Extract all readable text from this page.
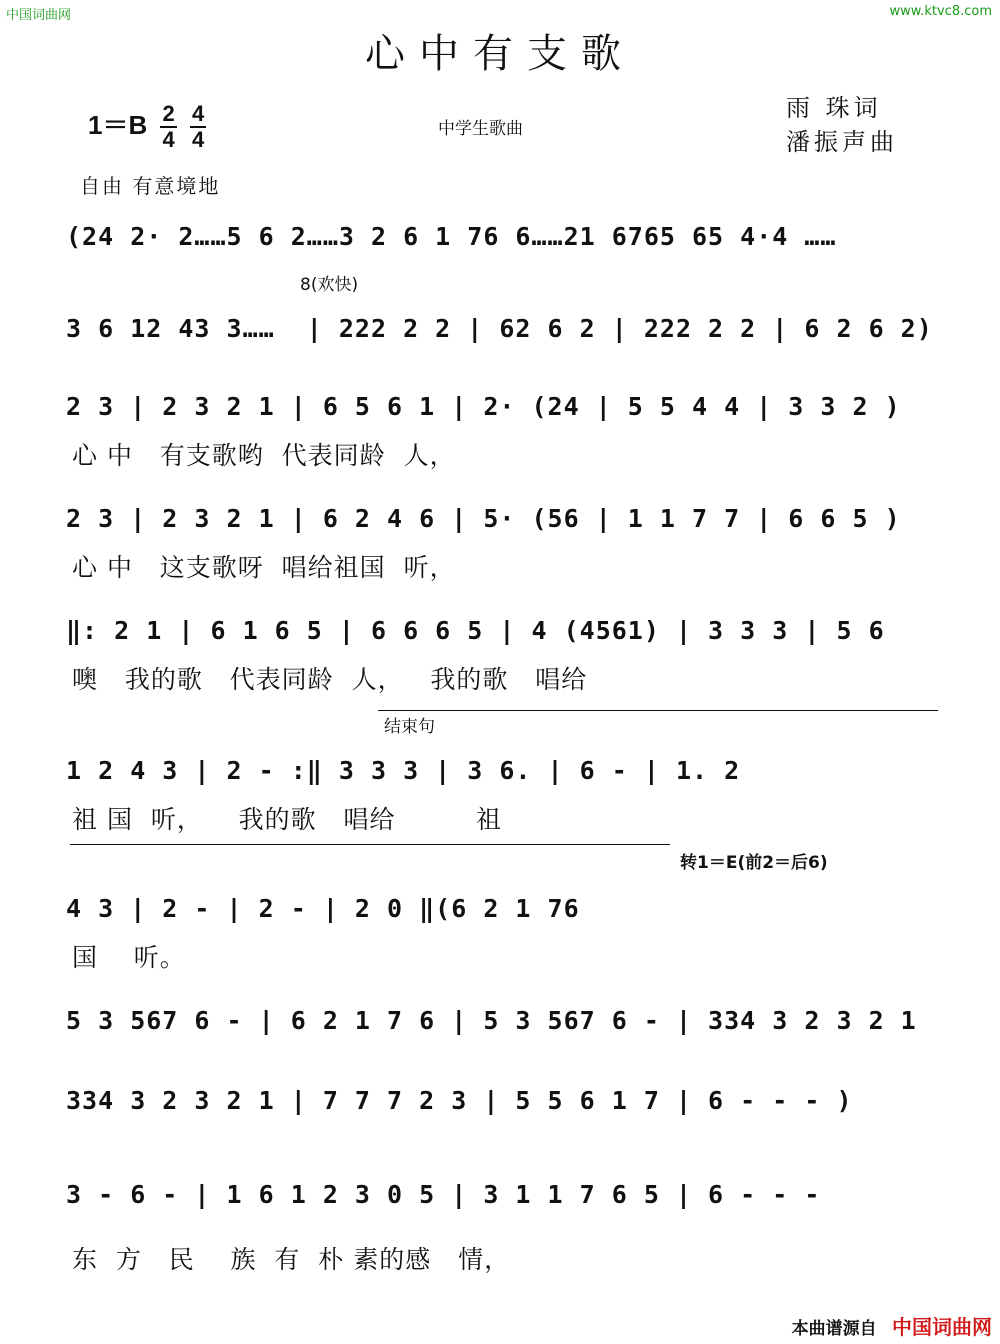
中国词曲网	www.ktvc8.com
心中有支歌
$1=B \frac{2}{4}$
$\frac{4}{4}$	中学生歌曲
雨 珠词
潘振声曲
自由 有意境地
(24 2· 2……5 6 2……3 2 6 1 76 6……21 6765 65 4·4 ……
8(欢快)
3 6 12 43 3……  | 222 2 2 | 62 6 2 | 222 2 2 | 6 2 6 2)
2 3 | 2 3 2 1 | 6 5 6 1 | 2· (24 | 5 5 4 4 | 3 3 2 )
心 中   有支歌哟  代表同龄  人，
2 3 | 2 3 2 1 | 6 2 4 6 | 5· (56 | 1 1 7 7 | 6 6 5 )
心 中   这支歌呀  唱给祖国  听，
‖: 2 1 | 6 1 6 5 | 6 6 6 5 | 4 (4561) | 3 3 3 | 5 6
噢   我的歌   代表同龄  人，   我的歌   唱给
结束句
1 2 4 3 | 2 - :‖ 3 3 3 | 3 6. | 6 - | 1. 2
祖 国  听，    我的歌   唱给         祖
转1＝E(前2＝后6)
4 3 | 2 - | 2 - | 2 0 ‖(6 2 1 76
国    听。
5 3 567 6 - | 6 2 1 7 6 | 5 3 567 6 - | 334 3 2 3 2 1
334 3 2 3 2 1 | 7 7 7 2 3 | 5 5 6 1 7 | 6 - - - )
3 - 6 - | 1 6 1 2 3 0 5 | 3 1 1 7 6 5 | 6 - - -
东  方   民    族  有  朴 素的感   情，
本曲谱源自 中国词曲网
